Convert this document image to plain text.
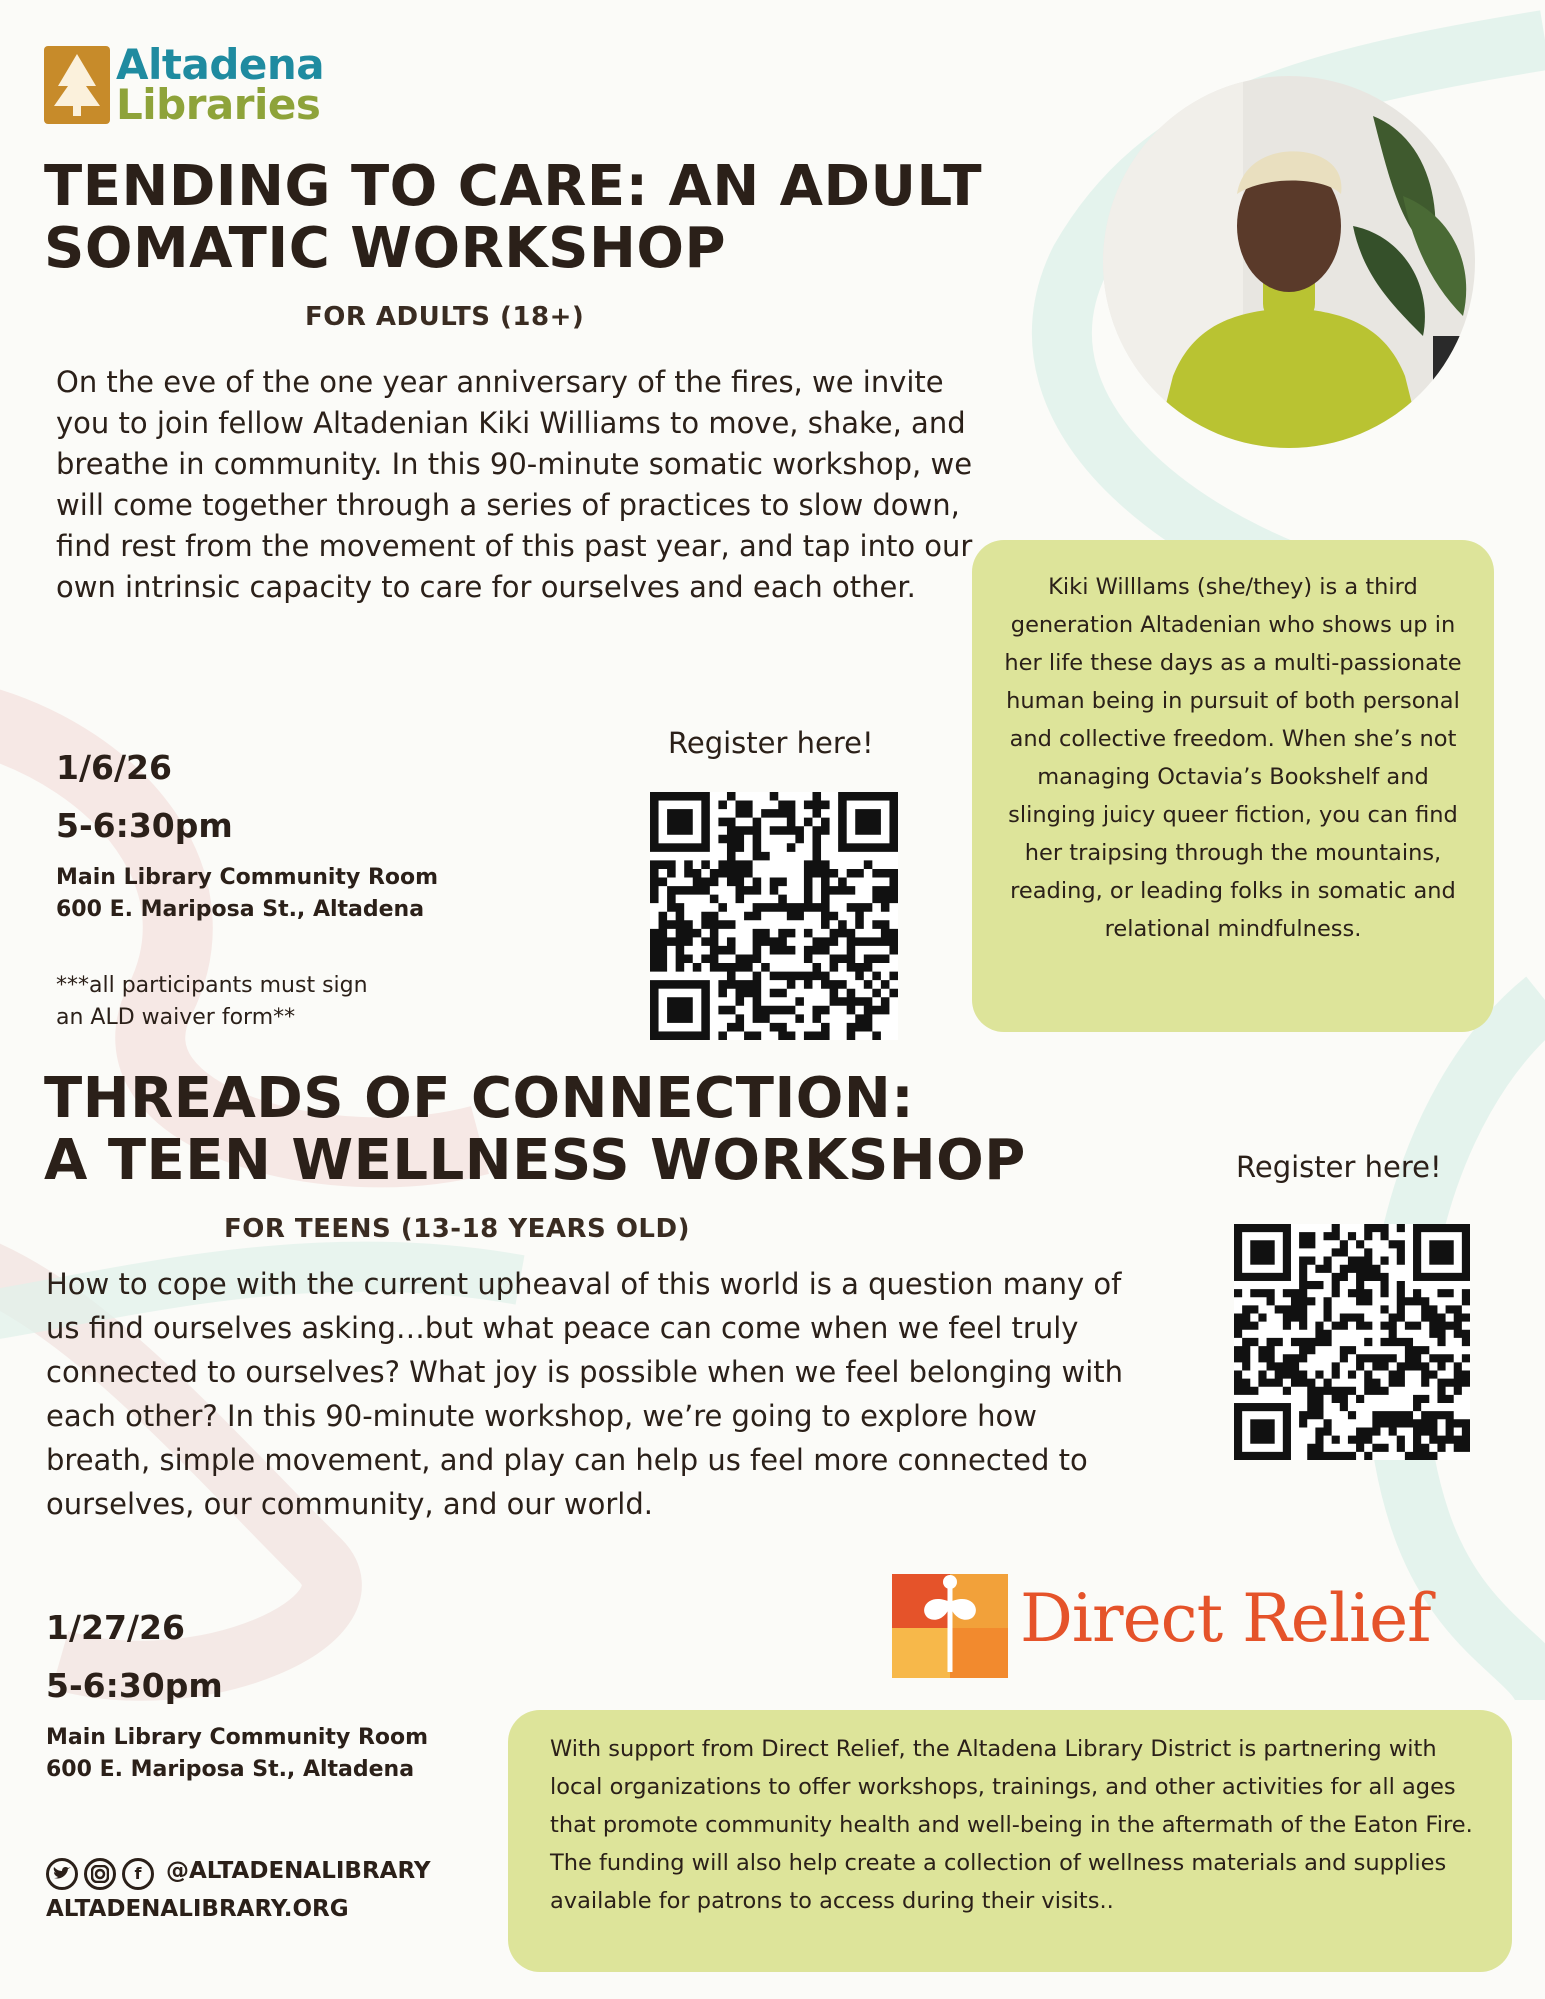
Altadena
Libraries
TENDING TO CARE: AN ADULT
SOMATIC WORKSHOP
FOR ADULTS (18+)
On the eve of the one year anniversary of the fires, we invite you to join fellow Altadenian Kiki Williams to move, shake, and breathe in community. In this 90-minute somatic workshop, we will come together through a series of practices to slow down, find rest from the movement of this past year, and tap into our own intrinsic capacity to care for ourselves and each other.
1/6/26
5-6:30pm
Main Library Community Room
600 E. Mariposa St., Altadena
***all participants must sign
an ALD waiver form**
Register here!
Kiki Willlams (she/they) is a third generation Altadenian who shows up in her life these days as a multi-passionate human being in pursuit of both personal and collective freedom. When she’s not managing Octavia’s Bookshelf and slinging juicy queer fiction, you can find her traipsing through the mountains, reading, or leading folks in somatic and relational mindfulness.
THREADS OF CONNECTION:
A TEEN WELLNESS WORKSHOP
FOR TEENS (13-18 YEARS OLD)
How to cope with the current upheaval of this world is a question many of us find ourselves asking…but what peace can come when we feel truly connected to ourselves? What joy is possible when we feel belonging with each other? In this 90-minute workshop, we’re going to explore how breath, simple movement, and play can help us feel more connected to ourselves, our community, and our world.
1/27/26
5-6:30pm
Main Library Community Room
600 E. Mariposa St., Altadena
Register here!
Direct Relief
With support from Direct Relief, the Altadena Library District is partnering with local organizations to offer workshops, trainings, and other activities for all ages that promote community health and well-being in the aftermath of the Eaton Fire. The funding will also help create a collection of wellness materials and supplies available for patrons to access during their visits..
f	@ALTADENALIBRARY
ALTADENALIBRARY.ORG
